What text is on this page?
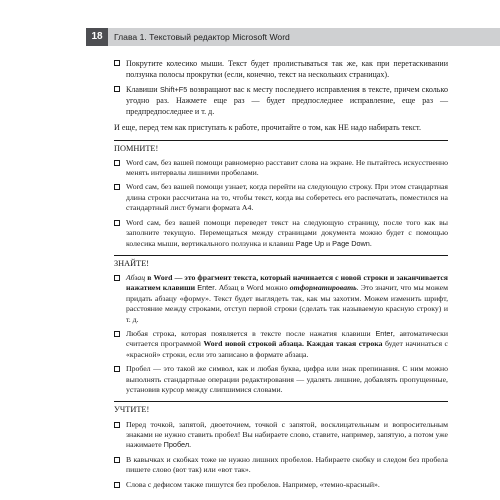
18	Глава 1. Текстовый редактор Microsoft Word
Покрутите колесико мыши. Текст будет пролистываться так же, как при перетаскивании ползунка полосы прокрутки (если, конечно, текст на нескольких страницах).
Клавиши Shift+F5 возвращают вас к месту последнего исправления в тексте, причем сколько угодно раз. Нажмете еще раз — будет предпоследнее исправление, еще раз — предпредпоследнее и т. д.

И еще, перед тем как приступать к работе, прочитайте о том, как НЕ надо набирать текст.

ПОМНИТЕ!
Word сам, без вашей помощи равномерно расставит слова на экране. Не пытайтесь искусственно менять интервалы лишними пробелами.
Word сам, без вашей помощи узнает, когда перейти на следующую строку. При этом стандартная длина строки рассчитана на то, чтобы текст, когда вы соберетесь его распечатать, поместился на стандартный лист бумаги формата А4.
Word сам, без вашей помощи переведет текст на следующую страницу, после того как вы заполните текущую. Перемещаться между страницами документа можно будет с помощью колесика мыши, вертикального ползунка и клавиш Page Up и Page Down.
ЗНАЙТЕ!
Абзац в Word — это фрагмент текста, который начинается с новой строки и заканчивается нажатием клавиши Enter. Абзац в Word можно отформатировать. Это значит, что мы можем придать абзацу «форму». Текст будет выглядеть так, как мы захотим. Можем изменить шрифт, расстояние между строками, отступ первой строки (сделать так называемую красную строку) и т. д.
Любая строка, которая появляется в тексте после нажатия клавиши Enter, автоматически считается программой Word новой строкой абзаца. Каждая такая строка будет начинаться с «красной» строки, если это записано в формате абзаца.
Пробел — это такой же символ, как и любая буква, цифра или знак препинания. С ним можно выполнять стандартные операции редактирования — удалять лишние, добавлять пропущенные, установив курсор между слипшимися словами.
УЧТИТЕ!
Перед точкой, запятой, двоеточием, точкой с запятой, восклицательным и вопросительным знаками не нужно ставить пробел! Вы набираете слово, ставите, например, запятую, а потом уже нажимаете Пробел.
В кавычках и скобках тоже не нужно лишних пробелов. Набираете скобку и следом без пробела пишете слово (вот так) или «вот так».
Слова с дефисом также пишутся без пробелов. Например, «темно-красный».
